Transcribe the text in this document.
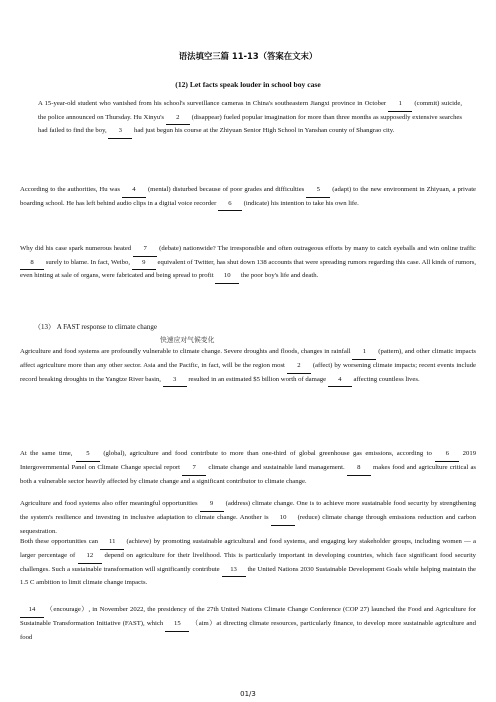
语法填空三篇 11-13（答案在文末）
(12) Let facts speak louder in school boy case
A 15-year-old student who vanished from his school's surveillance cameras in China's southeastern Jiangxi province in October 1 (commit) suicide, the police announced on Thursday. Hu Xinyu's 2 (disappear) fueled popular imagination for more than three months as supposedly extensive searches had failed to find the boy, 3 had just begun his course at the Zhiyuan Senior High School in Yanshan county of Shangrao city.
According to the authorities, Hu was 4 (mental) disturbed because of poor grades and difficulties 5 (adapt) to the new environment in Zhiyuan, a private boarding school. He has left behind audio clips in a digital voice recorder 6 (indicate) his intention to take his own life.
Why did his case spark numerous heated 7 (debate) nationwide? The irresponsible and often outrageous efforts by many to catch eyeballs and win online traffic 8 surely to blame. In fact, Weibo, 9 equivalent of Twitter, has shut down 138 accounts that were spreading rumors regarding this case. All kinds of rumors, even hinting at sale of organs, were fabricated and being spread to profit 10 the poor boy's life and death.
（13） A FAST response to climate change
快速应对气候变化
Agriculture and food systems are profoundly vulnerable to climate change. Severe droughts and floods, changes in rainfall 1 (pattern), and other climatic impacts affect agriculture more than any other sector. Asia and the Pacific, in fact, will be the region most 2 (affect) by worsening climate impacts; recent events include record breaking droughts in the Yangtze River basin, 3 resulted in an estimated $5 billion worth of damage 4 affecting countless lives.
At the same time, 5 (global), agriculture and food contribute to more than one-third of global greenhouse gas emissions, according to 6 2019 Intergovernmental Panel on Climate Change special report 7 climate change and sustainable land management. 8 makes food and agriculture critical as both a vulnerable sector heavily affected by climate change and a significant contributor to climate change.
Agriculture and food systems also offer meaningful opportunities 9 (address) climate change. One is to achieve more sustainable food security by strengthening the system's resilience and investing in inclusive adaptation to climate change. Another is 10 (reduce) climate change through emissions reduction and carbon sequestration.
Both these opportunities can 11 (achieve) by promoting sustainable agricultural and food systems, and engaging key stakeholder groups, including women — a larger percentage of 12 depend on agriculture for their livelihood. This is particularly important in developing countries, which face significant food security challenges. Such a sustainable transformation will significantly contribute 13 the United Nations 2030 Sustainable Development Goals while helping maintain the 1.5 C ambition to limit climate change impacts.
14 （encourage）, in November 2022, the presidency of the 27th United Nations Climate Change Conference (COP 27) launched the Food and Agriculture for Sustainable Transformation Initiative (FAST), which 15 （aim）at directing climate resources, particularly finance, to develop more sustainable agriculture and food
01/3
